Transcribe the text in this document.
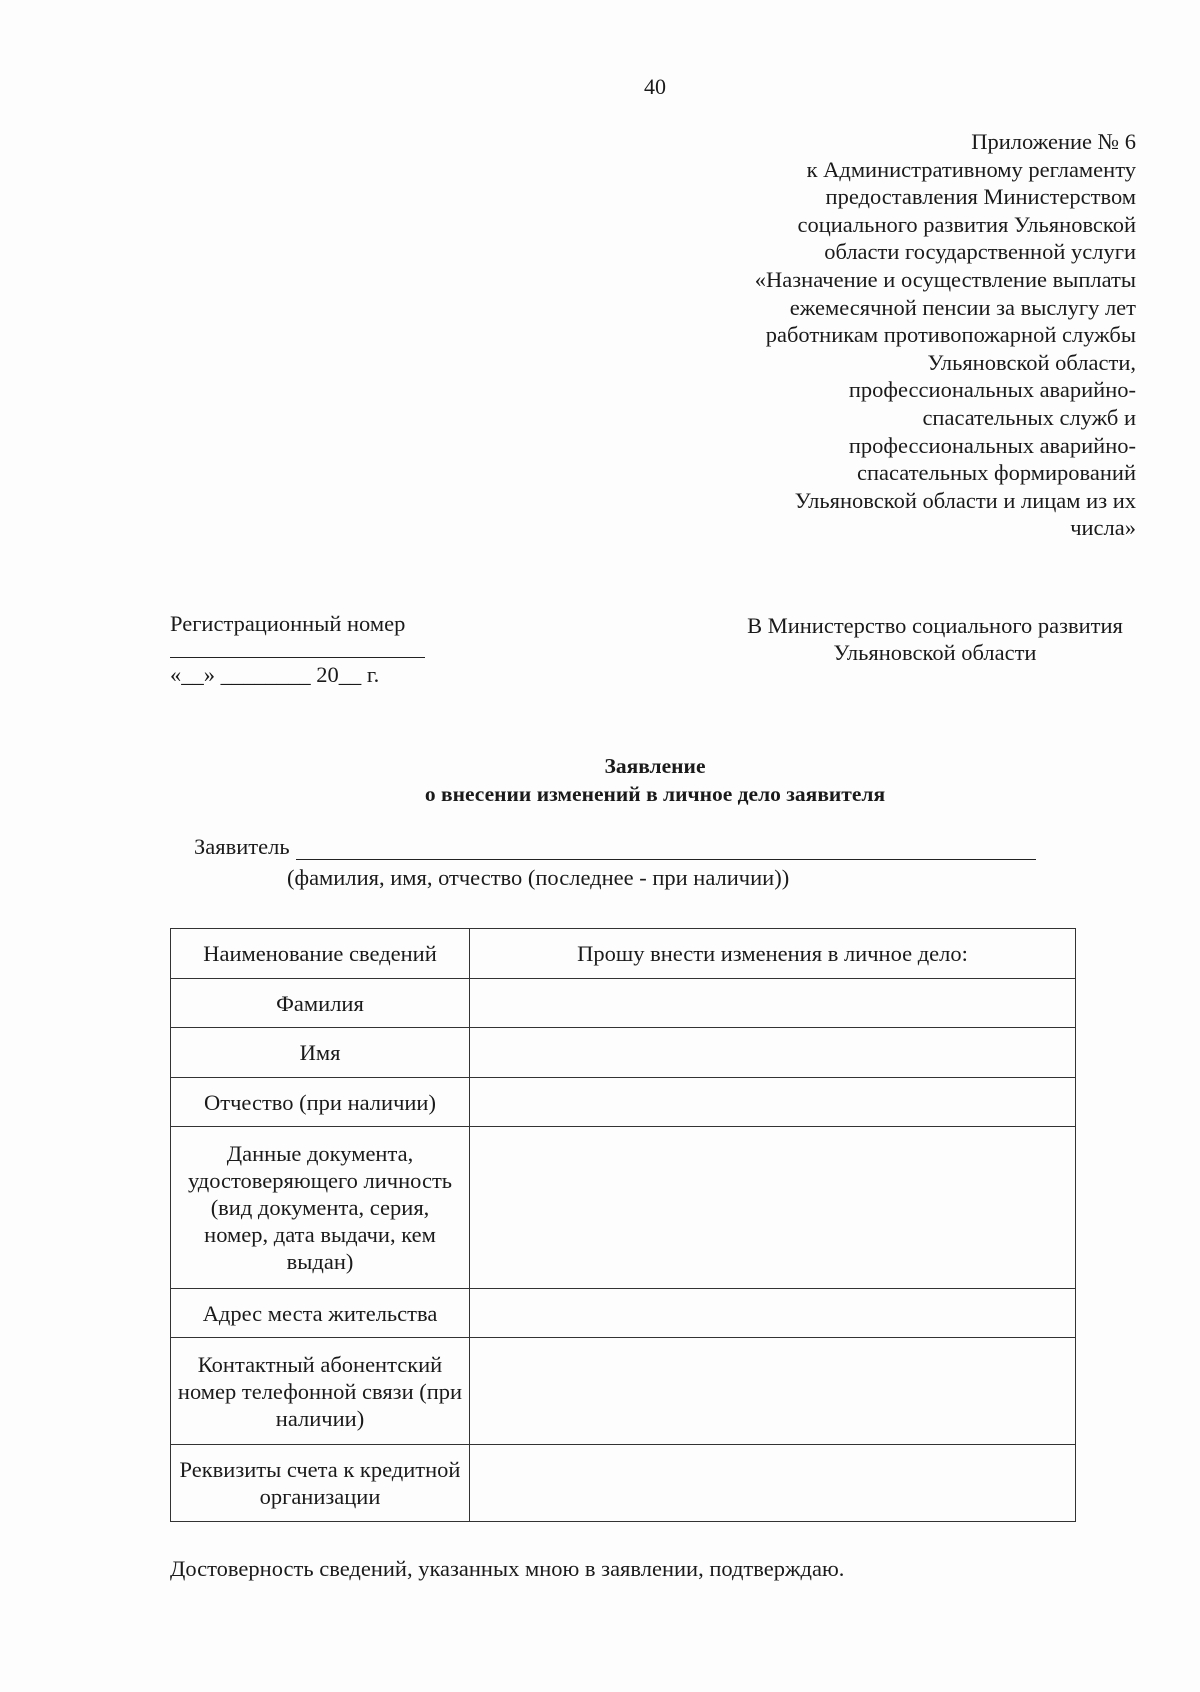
40
Приложение № 6
к Административному регламенту
предоставления Министерством
социального развития Ульяновской
области государственной услуги
«Назначение и осуществление выплаты
ежемесячной пенсии за выслугу лет
работникам противопожарной службы
Ульяновской области,
профессиональных аварийно-
спасательных служб и
профессиональных аварийно-
спасательных формирований
Ульяновской области и лицам из их
числа»
Регистрационный номер
«__» ________ 20__ г.
В Министерство социального развития
Ульяновской области
Заявление
о внесении изменений в личное дело заявителя
Заявитель
(фамилия, имя, отчество (последнее - при наличии))
Наименование сведений	Прошу внести изменения в личное дело:
Фамилия	
Имя	
Отчество (при наличии)	
Данные документа, удостоверяющего личность (вид документа, серия, номер, дата выдачи, кем выдан)	
Адрес места жительства	
Контактный абонентский номер телефонной связи (при наличии)	
Реквизиты счета к кредитной организации	
Достоверность сведений, указанных мною в заявлении, подтверждаю.
